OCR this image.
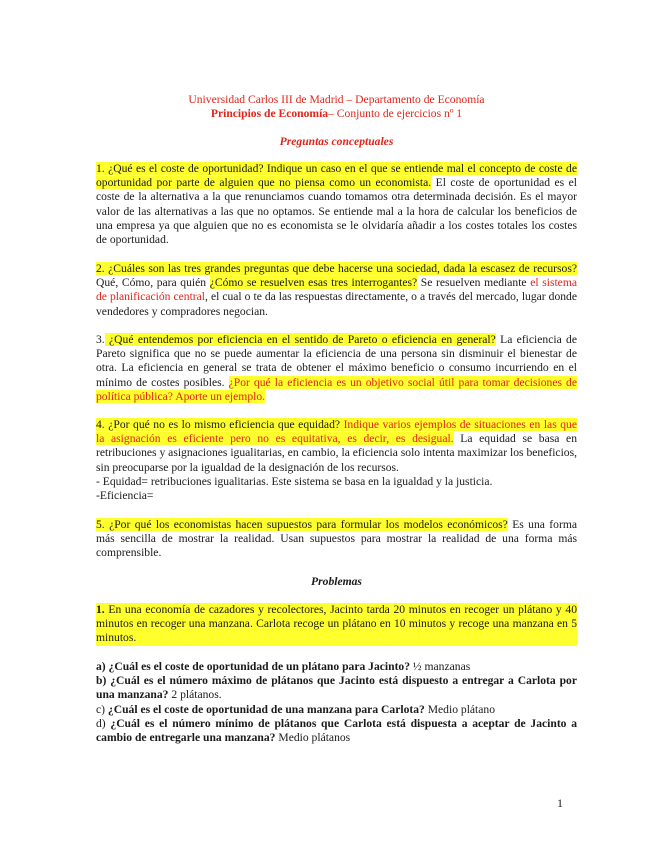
Universidad Carlos III de Madrid – Departamento de Economía
Principios de Economía– Conjunto de ejercicios nº 1
Preguntas conceptuales

1. ¿Qué es el coste de oportunidad? Indique un caso en el que se entiende mal el concepto de coste de oportunidad por parte de alguien que no piensa como un economista. El coste de oportunidad es el coste de la alternativa a la que renunciamos cuando tomamos otra determinada decisión. Es el mayor valor de las alternativas a las que no optamos. Se entiende mal a la hora de calcular los beneficios de una empresa ya que alguien que no es economista se le olvidaría añadir a los costes totales los costes de oportunidad.

2. ¿Cuáles son las tres grandes preguntas que debe hacerse una sociedad, dada la escasez de recursos? Qué, Cómo, para quién ¿Cómo se resuelven esas tres interrogantes? Se resuelven mediante el sistema de planificación central, el cual o te da las respuestas directamente, o a través del mercado, lugar donde vendedores y compradores negocian.

3. ¿Qué entendemos por eficiencia en el sentido de Pareto o eficiencia en general? La eficiencia de Pareto significa que no se puede aumentar la eficiencia de una persona sin disminuir el bienestar de otra. La eficiencia en general se trata de obtener el máximo beneficio o consumo incurriendo en el mínimo de costes posibles. ¿Por qué la eficiencia es un objetivo social útil para tomar decisiones de política pública? Aporte un ejemplo.

4. ¿Por qué no es lo mismo eficiencia que equidad? Indique varios ejemplos de situaciones en las que la asignación es eficiente pero no es equitativa, es decir, es desigual. La equidad se basa en retribuciones y asignaciones igualitarias, en cambio, la eficiencia solo intenta maximizar los beneficios, sin preocuparse por la igualdad de la designación de los recursos.

- Equidad= retribuciones igualitarias. Este sistema se basa en la igualdad y la justicia.

-Eficiencia=

5. ¿Por qué los economistas hacen supuestos para formular los modelos económicos? Es una forma más sencilla de mostrar la realidad. Usan supuestos para mostrar la realidad de una forma más comprensible.

Problemas

1. En una economía de cazadores y recolectores, Jacinto tarda 20 minutos en recoger un plátano y 40 minutos en recoger una manzana. Carlota recoge un plátano en 10 minutos y recoge una manzana en 5 minutos.

a) ¿Cuál es el coste de oportunidad de un plátano para Jacinto? ½ manzanas

b) ¿Cuál es el número máximo de plátanos que Jacinto está dispuesto a entregar a Carlota por una manzana? 2 plátanos.

c) ¿Cuál es el coste de oportunidad de una manzana para Carlota? Medio plátano

d) ¿Cuál es el número mínimo de plátanos que Carlota está dispuesta a aceptar de Jacinto a cambio de entregarle una manzana? Medio plátanos

1
